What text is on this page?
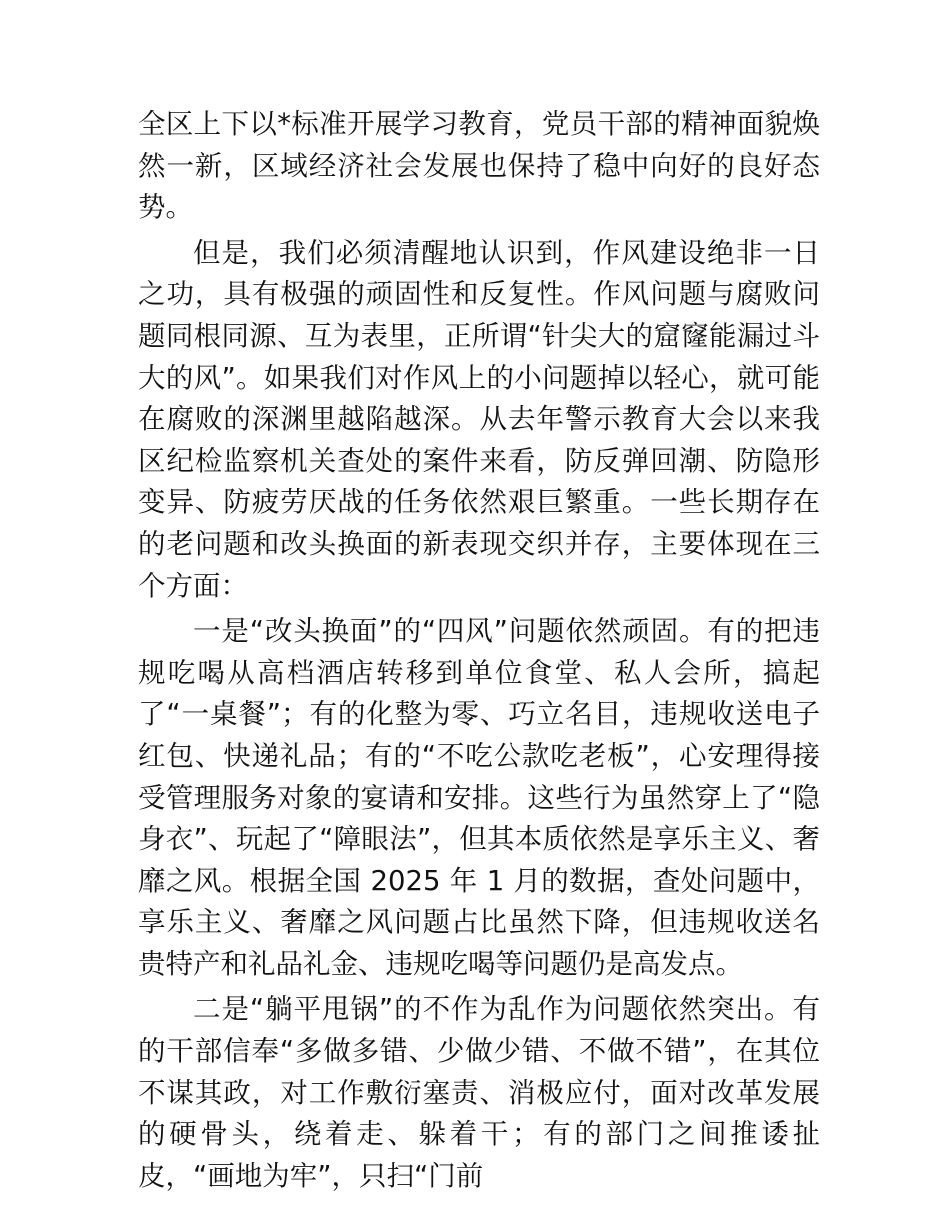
全区上下以*标准开展学习教育，党员干部的精神面貌焕然一新，区域经济社会发展也保持了稳中向好的良好态势。

但是，我们必须清醒地认识到，作风建设绝非一日之功，具有极强的顽固性和反复性。作风问题与腐败问题同根同源、互为表里，正所谓“针尖大的窟窿能漏过斗大的风”。如果我们对作风上的小问题掉以轻心，就可能在腐败的深渊里越陷越深。从去年警示教育大会以来我区纪检监察机关查处的案件来看，防反弹回潮、防隐形变异、防疲劳厌战的任务依然艰巨繁重。一些长期存在的老问题和改头换面的新表现交织并存，主要体现在三个方面：

一是“改头换面”的“四风”问题依然顽固。有的把违规吃喝从高档酒店转移到单位食堂、私人会所，搞起了“一桌餐”；有的化整为零、巧立名目，违规收送电子红包、快递礼品；有的“不吃公款吃老板”，心安理得接受管理服务对象的宴请和安排。这些行为虽然穿上了“隐身衣”、玩起了“障眼法”，但其本质依然是享乐主义、奢靡之风。根据全国 2025 年 1 月的数据，查处问题中，享乐主义、奢靡之风问题占比虽然下降，但违规收送名贵特产和礼品礼金、违规吃喝等问题仍是高发点。

二是“躺平甩锅”的不作为乱作为问题依然突出。有的干部信奉“多做多错、少做少错、不做不错”，在其位不谋其政，对工作敷衍塞责、消极应付，面对改革发展的硬骨头，绕着走、躲着干；有的部门之间推诿扯皮，“画地为牢”，只扫“门前
